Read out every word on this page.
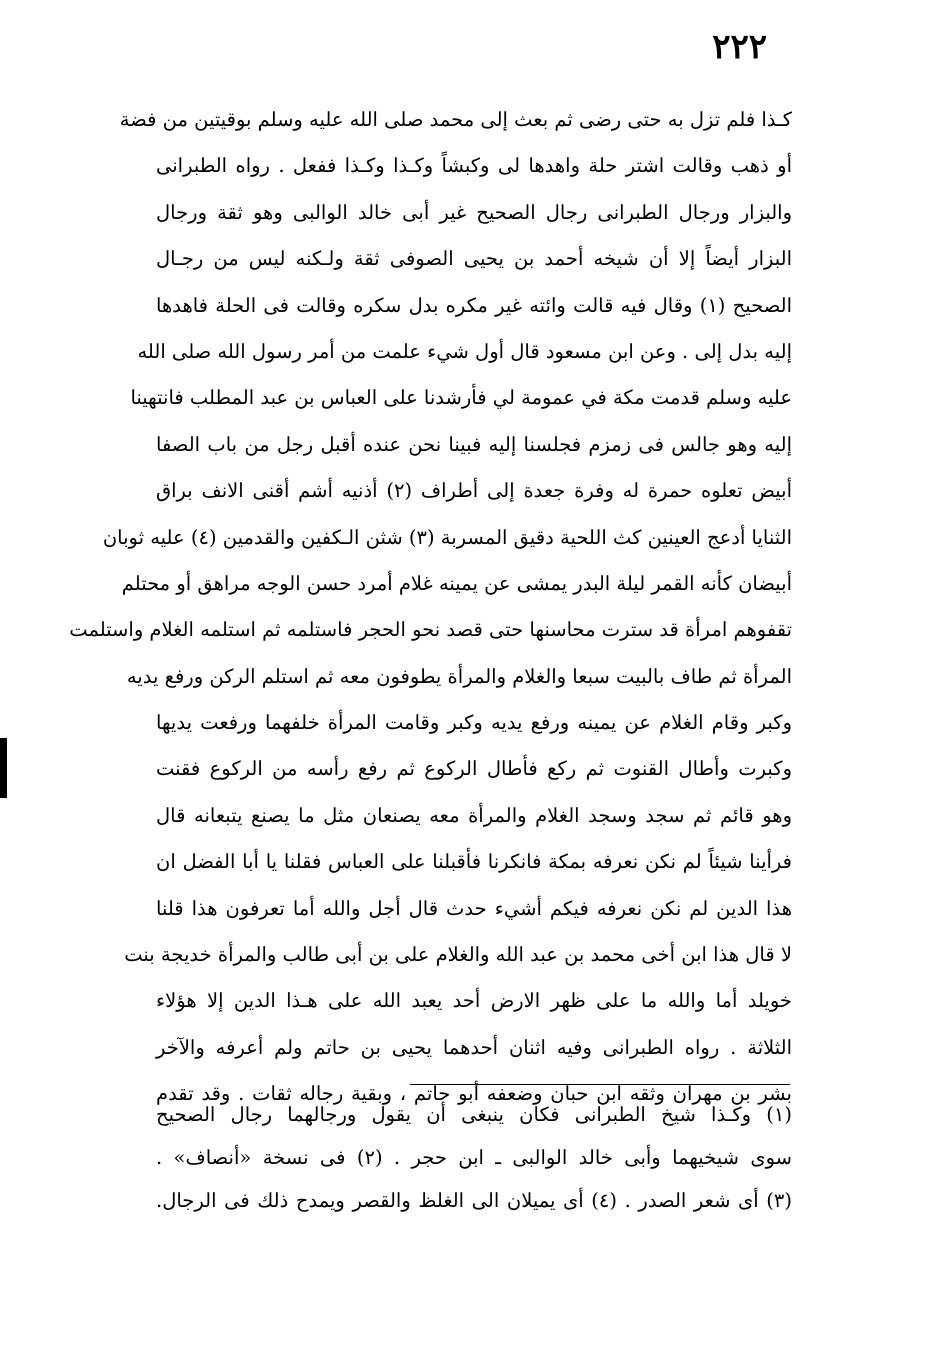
٢٢٢
كـذا فلم تزل به حتى رضى ثم بعث إلى محمد صلى الله عليه وسلم بوقيتين من فضة
أو ذهب وقالت اشتر حلة واهدها لى وكبشاً وكـذا وكـذا ففعل . رواه الطبرانى
والبزار ورجال الطبرانى رجال الصحيح غير أبى خالد الوالبى وهو ثقة ورجال
البزار أيضاً إلا أن شيخه أحمد بن يحيى الصوفى ثقة ولـكنه ليس من رجـال
الصحيح (١) وقال فيه قالت وائته غير مكره بدل سكره وقالت فى الحلة فاهدها
إليه بدل إلى . وعن ابن مسعود قال أول شيء علمت من أمر رسول الله صلى الله
عليه وسلم قدمت مكة في عمومة لي فأرشدنا على العباس بن عبد المطلب فانتهينا
إليه وهو جالس فى زمزم فجلسنا إليه فبينا نحن عنده أقبل رجل من باب الصفا
أبيض تعلوه حمرة له وفرة جعدة إلى أطراف (٢) أذنيه أشم أقنى الانف براق
الثنايا أدعج العينين كث اللحية دقيق المسربة (٣) شثن الـكفين والقدمين (٤) عليه ثوبان
أبيضان كأنه القمر ليلة البدر يمشى عن يمينه غلام أمرد حسن الوجه مراهق أو محتلم
تقفوهم امرأة قد سترت محاسنها حتى قصد نحو الحجر فاستلمه ثم استلمه الغلام واستلمت
المرأة ثم طاف بالبيت سبعا والغلام والمرأة يطوفون معه ثم استلم الركن ورفع يديه
وكبر وقام الغلام عن يمينه ورفع يديه وكبر وقامت المرأة خلفهما ورفعت يديها
وكبرت وأطال القنوت ثم ركع فأطال الركوع ثم رفع رأسه من الركوع فقنت
وهو قائم ثم سجد وسجد الغلام والمرأة معه يصنعان مثل ما يصنع يتبعانه قال
فرأينا شيئاً لم نكن نعرفه بمكة فانكرنا فأقبلنا على العباس فقلنا يا أبا الفضل ان
هذا الدين لم نكن نعرفه فيكم أشيء حدث قال أجل والله أما تعرفون هذا قلنا
لا قال هذا ابن أخى محمد بن عبد الله والغلام على بن أبى طالب والمرأة خديجة بنت
خويلد أما والله ما على ظهر الارض أحد يعبد الله على هـذا الدين إلا هؤلاء
الثلاثة . رواه الطبرانى وفيه اثنان أحدهما يحيى بن حاتم ولم أعرفه والآخر
بشر بن مهران وثقه ابن حبان وضعفه أبو حاتم ، وبقية رجاله ثقات . وقد تقدم
(١) وكـذا شيخ الطبرانى فكان ينبغى أن يقول ورجالهما رجال الصحيح
سوى شيخيهما وأبى خالد الوالبى ـ ابن حجر . (٢) فى نسخة «أنصاف» .
(٣) أى شعر الصدر . (٤) أى يميلان الى الغلظ والقصر ويمدح ذلك فى الرجال.
